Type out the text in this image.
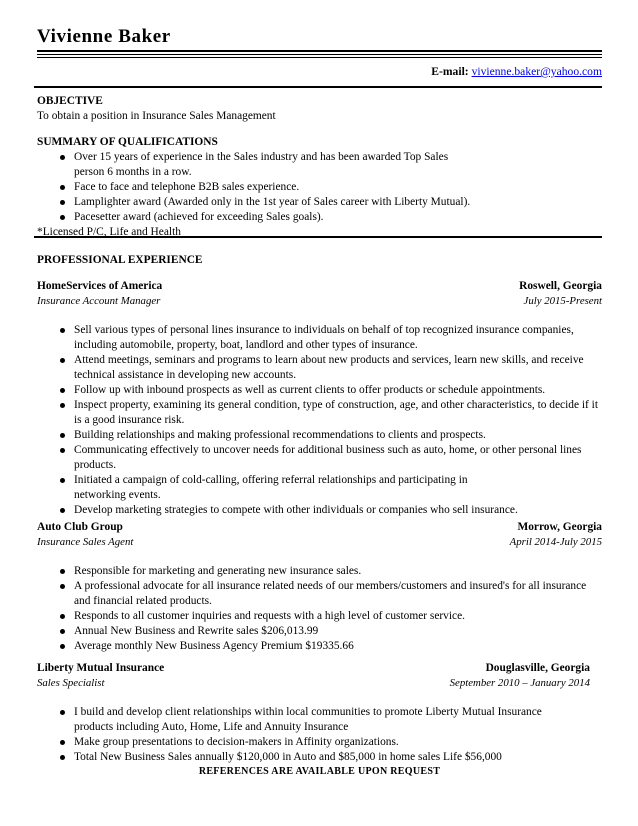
Vivienne Baker
E-mail: vivienne.baker@yahoo.com
OBJECTIVE
To obtain a position in Insurance Sales Management
SUMMARY OF QUALIFICATIONS
Over 15 years of experience in the Sales industry and has been awarded Top Sales person 6 months in a row.
Face to face and telephone B2B sales experience.
Lamplighter award (Awarded only in the 1st year of Sales career with Liberty Mutual).
Pacesetter award (achieved for exceeding Sales goals).
*Licensed P/C, Life and Health
PROFESSIONAL EXPERIENCE
HomeServices of America	Roswell, Georgia
Insurance Account Manager	July 2015-Present
Sell various types of personal lines insurance to individuals on behalf of top recognized insurance companies, including automobile, property, boat, landlord and other types of insurance.
Attend meetings, seminars and programs to learn about new products and services, learn new skills, and receive technical assistance in developing new accounts.
Follow up with inbound prospects as well as current clients to offer products or schedule appointments.
Inspect property, examining its general condition, type of construction, age, and other characteristics, to decide if it is a good insurance risk.
Building relationships and making professional recommendations to clients and prospects.
Communicating effectively to uncover needs for additional business such as auto, home, or other personal lines products.
Initiated a campaign of cold-calling, offering referral relationships and participating in networking events.
Develop marketing strategies to compete with other individuals or companies who sell insurance.
Auto Club Group	Morrow, Georgia
Insurance Sales Agent	April 2014-July 2015
Responsible for marketing and generating new insurance sales.
A professional advocate for all insurance related needs of our members/customers and insured's for all insurance and financial related products.
Responds to all customer inquiries and requests with a high level of customer service.
Annual New Business and Rewrite sales $206,013.99
Average monthly New Business Agency Premium $19335.66
Liberty Mutual Insurance	Douglasville, Georgia
Sales Specialist	September 2010 – January 2014
I build and develop client relationships within local communities to promote Liberty Mutual Insurance products including Auto, Home, Life and Annuity Insurance
Make group presentations to decision-makers in Affinity organizations.
Total New Business Sales annually $120,000 in Auto and $85,000 in home sales Life $56,000
REFERENCES ARE AVAILABLE UPON REQUEST
